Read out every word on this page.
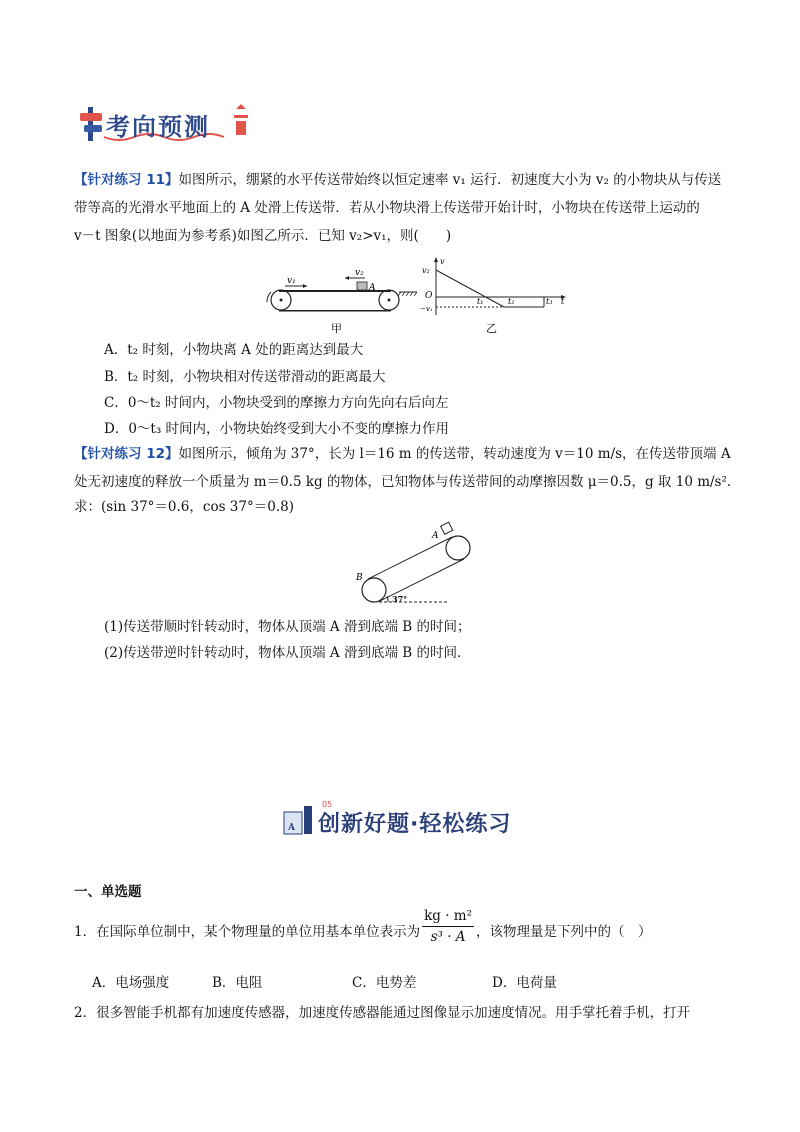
考向预测
【针对练习 11】如图所示，绷紧的水平传送带始终以恒定速率 v₁ 运行．初速度大小为 v₂ 的小物块从与传送
带等高的光滑水平地面上的 A 处滑上传送带．若从小物块滑上传送带开始计时，小物块在传送带上运动的
v－t 图象(以地面为参考系)如图乙所示．已知 v₂>v₁，则(　　)
v₁
v₂
A
甲
v
v₂
O
−v₁
t₁	t₂	t₃ t
乙
A．t₂ 时刻，小物块离 A 处的距离达到最大
B．t₂ 时刻，小物块相对传送带滑动的距离最大
C．0～t₂ 时间内，小物块受到的摩擦力方向先向右后向左
D．0～t₃ 时间内，小物块始终受到大小不变的摩擦力作用
【针对练习 12】如图所示，倾角为 37°，长为 l＝16 m 的传送带，转动速度为 v＝10 m/s，在传送带顶端 A
处无初速度的释放一个质量为 m＝0.5 kg 的物体，已知物体与传送带间的动摩擦因数 μ＝0.5，g 取 10 m/s².
求：(sin 37°＝0.6，cos 37°＝0.8)
A
B
37°
(1)传送带顺时针转动时，物体从顶端 A 滑到底端 B 的时间；
(2)传送带逆时针转动时，物体从顶端 A 滑到底端 B 的时间．
A
05
创新好题·轻松练习
一、单选题
1．在国际单位制中，某个物理量的单位用基本单位表示为 $\frac{\text{kg · m²}}{\text{s³ · A}}$ ，该物理量是下列中的（　）
A．电场强度	B．电阻	C．电势差	D．电荷量
2．很多智能手机都有加速度传感器，加速度传感器能通过图像显示加速度情况。用手掌托着手机，打开
